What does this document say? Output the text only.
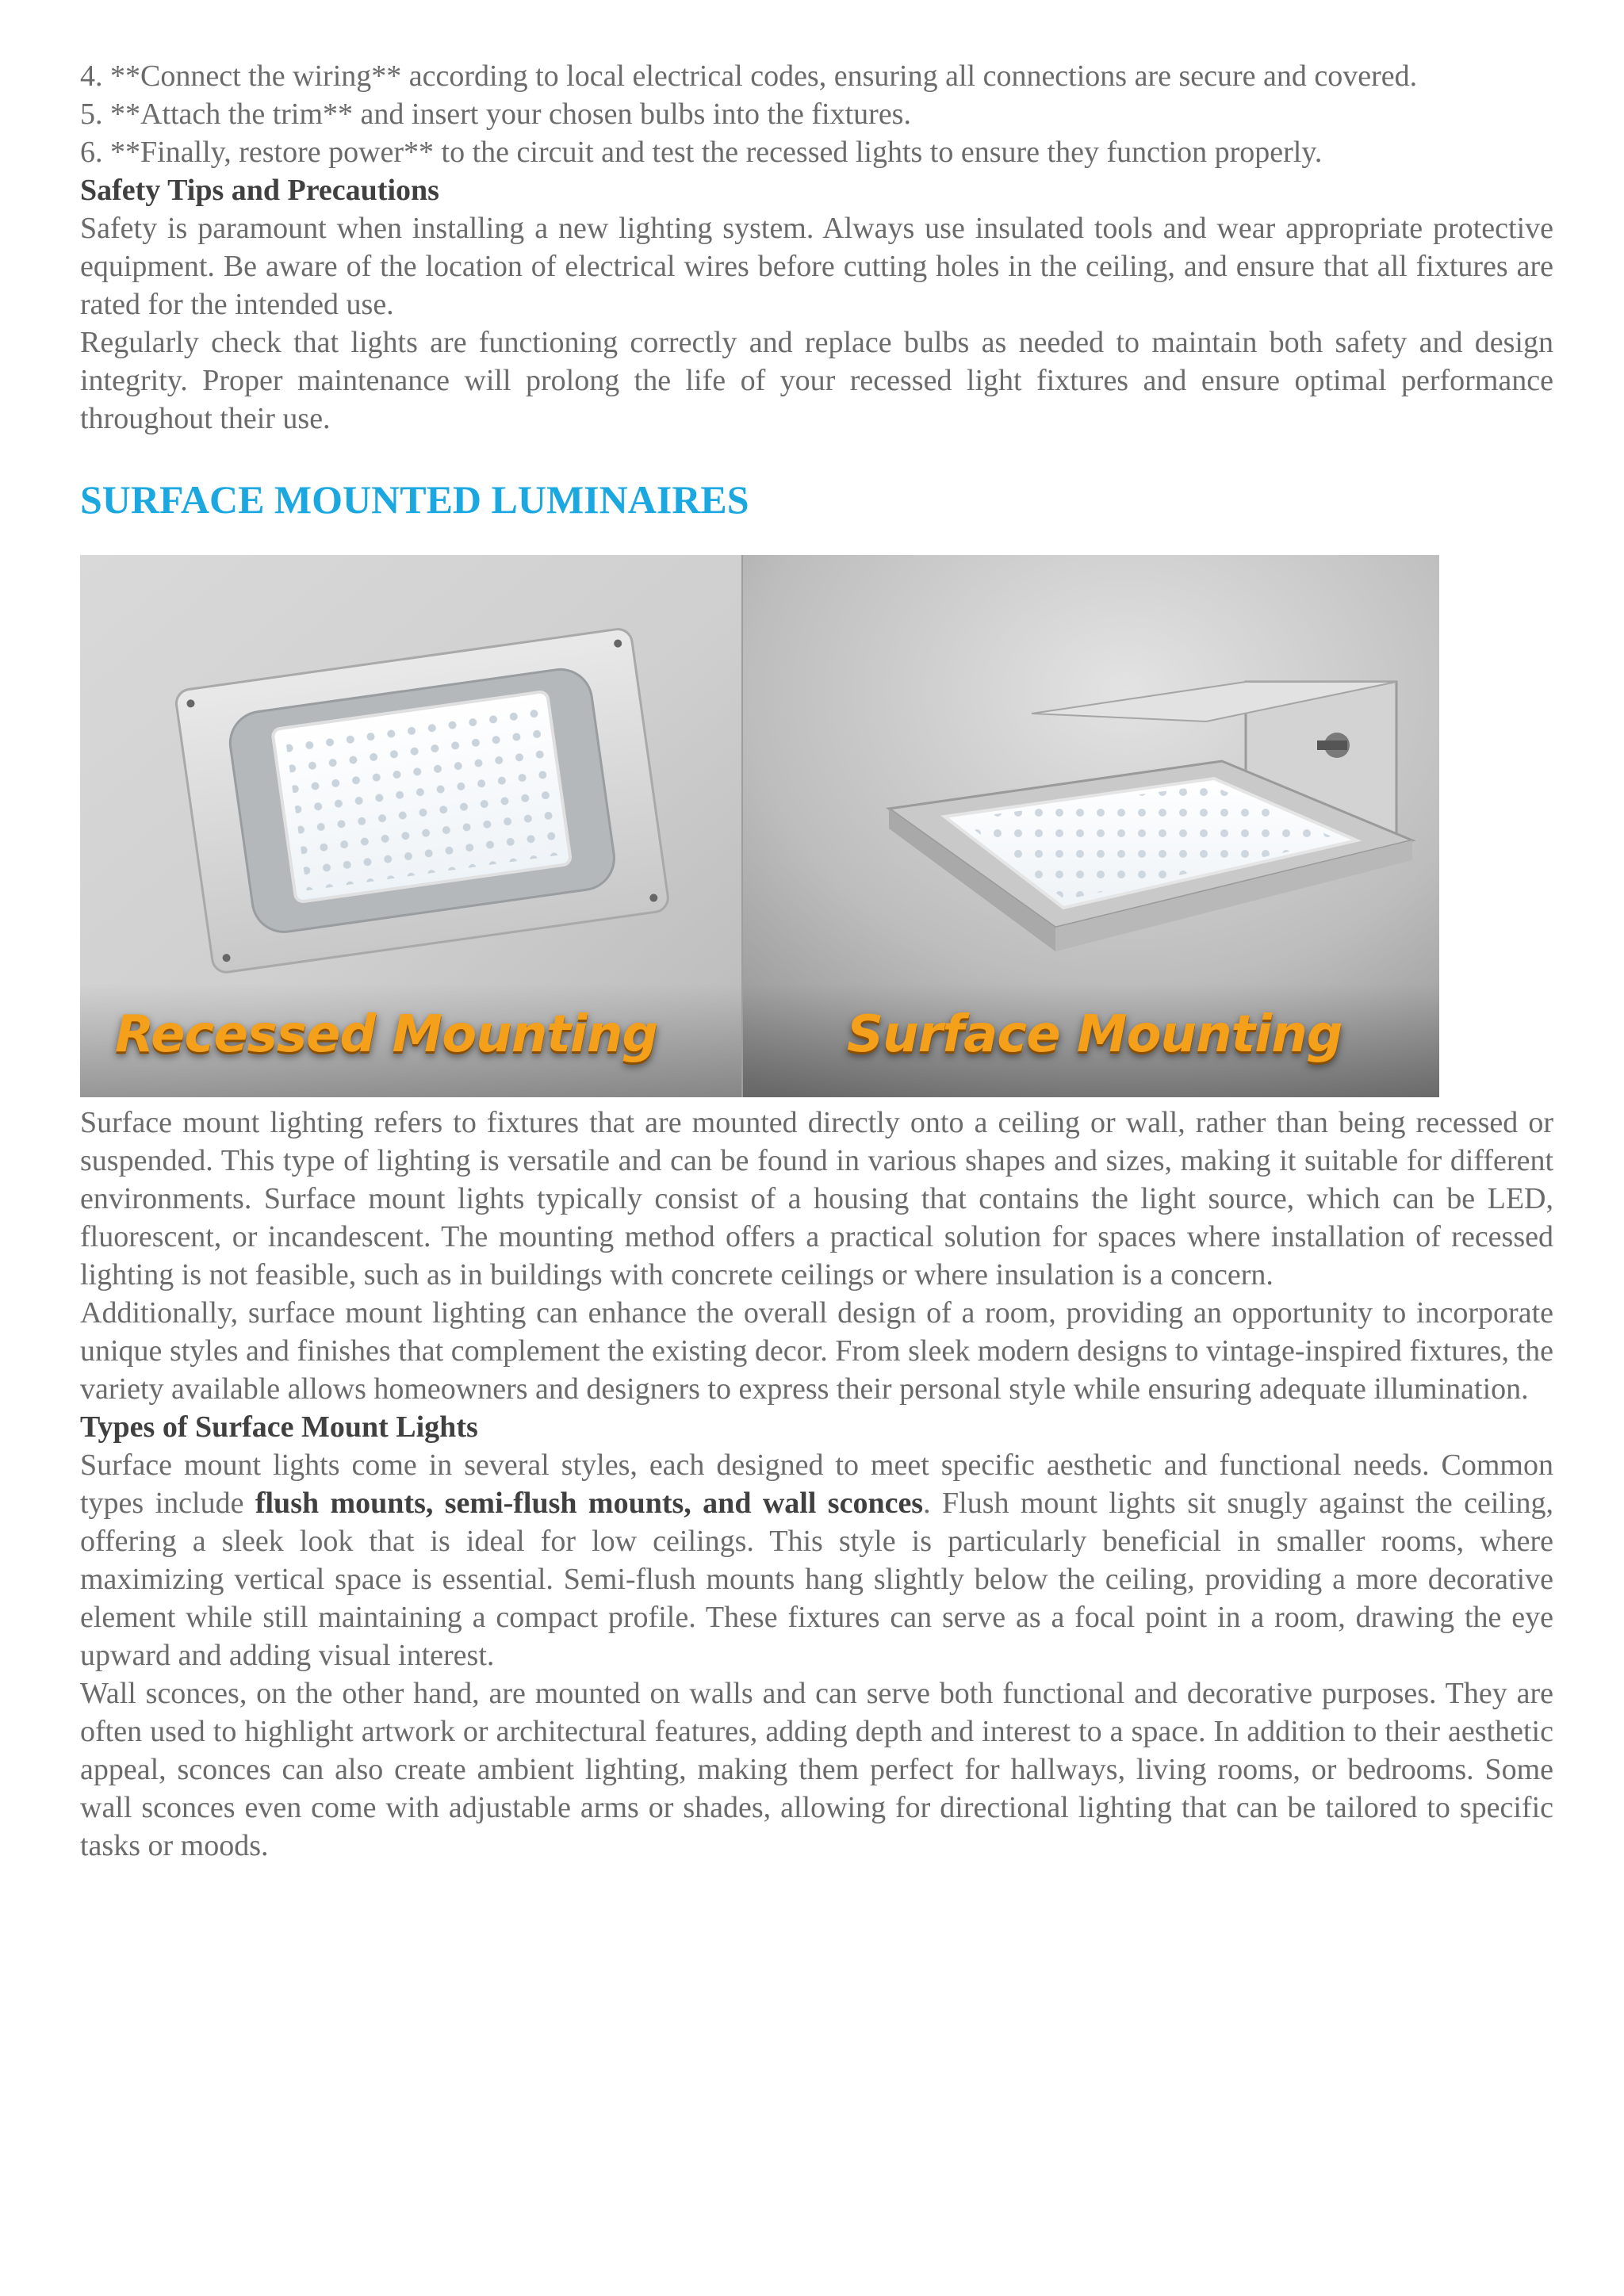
4. **Connect the wiring** according to local electrical codes, ensuring all connections are secure and covered.

5. **Attach the trim** and insert your chosen bulbs into the fixtures.

6. **Finally, restore power** to the circuit and test the recessed lights to ensure they function properly.

Safety Tips and Precautions

Safety is paramount when installing a new lighting system. Always use insulated tools and wear appropriate protective equipment. Be aware of the location of electrical wires before cutting holes in the ceiling, and ensure that all fixtures are rated for the intended use.

Regularly check that lights are functioning correctly and replace bulbs as needed to maintain both safety and design integrity. Proper maintenance will prolong the life of your recessed light fixtures and ensure optimal performance throughout their use.

SURFACE MOUNTED LUMINAIRES
Recessed Mounting	Surface Mounting

Surface mount lighting refers to fixtures that are mounted directly onto a ceiling or wall, rather than being recessed or suspended. This type of lighting is versatile and can be found in various shapes and sizes, making it suitable for different environments. Surface mount lights typically consist of a housing that contains the light source, which can be LED, fluorescent, or incandescent. The mounting method offers a practical solution for spaces where installation of recessed lighting is not feasible, such as in buildings with concrete ceilings or where insulation is a concern.

Additionally, surface mount lighting can enhance the overall design of a room, providing an opportunity to incorporate unique styles and finishes that complement the existing decor. From sleek modern designs to vintage-inspired fixtures, the variety available allows homeowners and designers to express their personal style while ensuring adequate illumination.

Types of Surface Mount Lights

Surface mount lights come in several styles, each designed to meet specific aesthetic and functional needs. Common types include flush mounts, semi-flush mounts, and wall sconces. Flush mount lights sit snugly against the ceiling, offering a sleek look that is ideal for low ceilings. This style is particularly beneficial in smaller rooms, where maximizing vertical space is essential. Semi-flush mounts hang slightly below the ceiling, providing a more decorative element while still maintaining a compact profile. These fixtures can serve as a focal point in a room, drawing the eye upward and adding visual interest.

Wall sconces, on the other hand, are mounted on walls and can serve both functional and decorative purposes. They are often used to highlight artwork or architectural features, adding depth and interest to a space. In addition to their aesthetic appeal, sconces can also create ambient lighting, making them perfect for hallways, living rooms, or bedrooms. Some wall sconces even come with adjustable arms or shades, allowing for directional lighting that can be tailored to specific tasks or moods.
